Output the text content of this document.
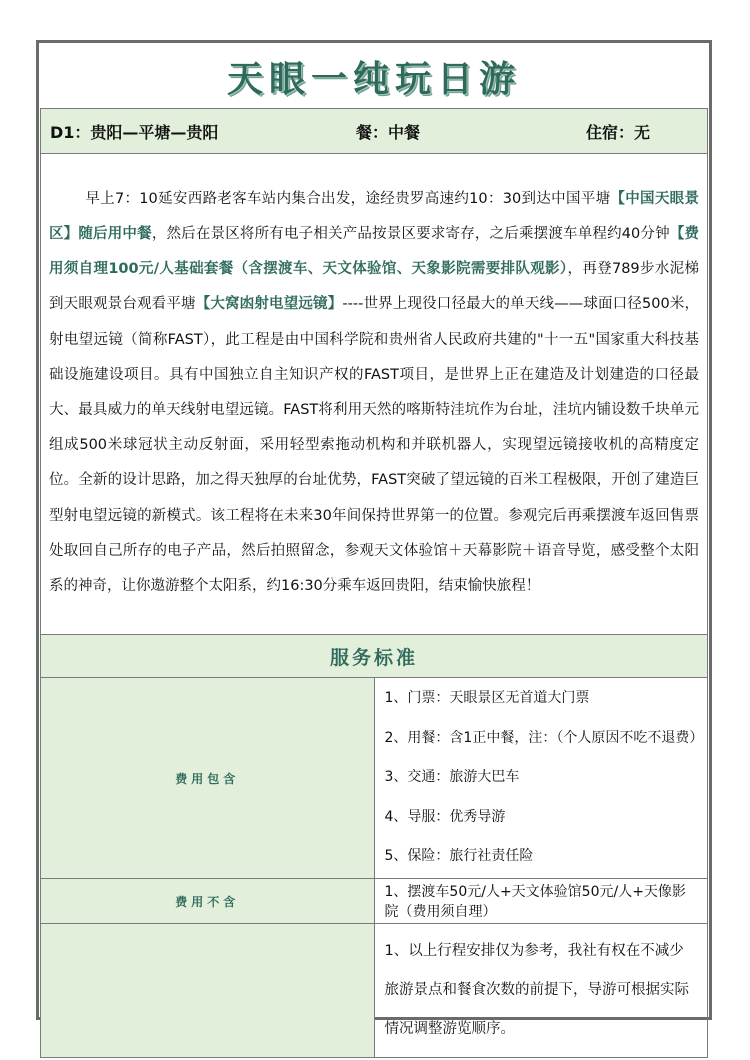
天眼一纯玩日游
D1：贵阳—平塘—贵阳 餐：中餐 住宿：无	

早上7：10延安西路老客车站内集合出发，途经贵罗高速约10：30到达中国平塘【中国天眼景区】随后用中餐，然后在景区将所有电子相关产品按景区要求寄存，之后乘摆渡车单程约40分钟【费用须自理100元/人基础套餐（含摆渡车、天文体验馆、天象影院需要排队观影），再登789步水泥梯到天眼观景台观看平塘【大窝凼射电望远镜】----世界上现役口径最大的单天线——球面口径500米，射电望远镜（简称FAST），此工程是由中国科学院和贵州省人民政府共建的"十一五"国家重大科技基础设施建设项目。具有中国独立自主知识产权的FAST项目，是世界上正在建造及计划建造的口径最大、最具威力的单天线射电望远镜。FAST将利用天然的喀斯特洼坑作为台址，洼坑内铺设数千块单元组成500米球冠状主动反射面，采用轻型索拖动机构和并联机器人，实现望远镜接收机的高精度定位。全新的设计思路，加之得天独厚的台址优势，FAST突破了望远镜的百米工程极限，开创了建造巨型射电望远镜的新模式。该工程将在未来30年间保持世界第一的位置。参观完后再乘摆渡车返回售票处取回自己所存的电子产品，然后拍照留念，参观天文体验馆＋天幕影院＋语音导览，感受整个太阳系的神奇，让你遨游整个太阳系，约16:30分乘车返回贵阳，结束愉快旅程！	
服务标准	
费用包含	1、门票：天眼景区无首道大门票
2、用餐：含1正中餐，注：（个人原因不吃不退费）
3、交通：旅游大巴车
4、导服：优秀导游
5、保险：旅行社责任险

费用不含	1、摆渡车50元/人+天文体验馆50元/人+天像影院（费用须自理）
	1、以上行程安排仅为参考，我社有权在不减少旅游景点和餐食次数的前提下，导游可根据实际情况调整游览顺序。
